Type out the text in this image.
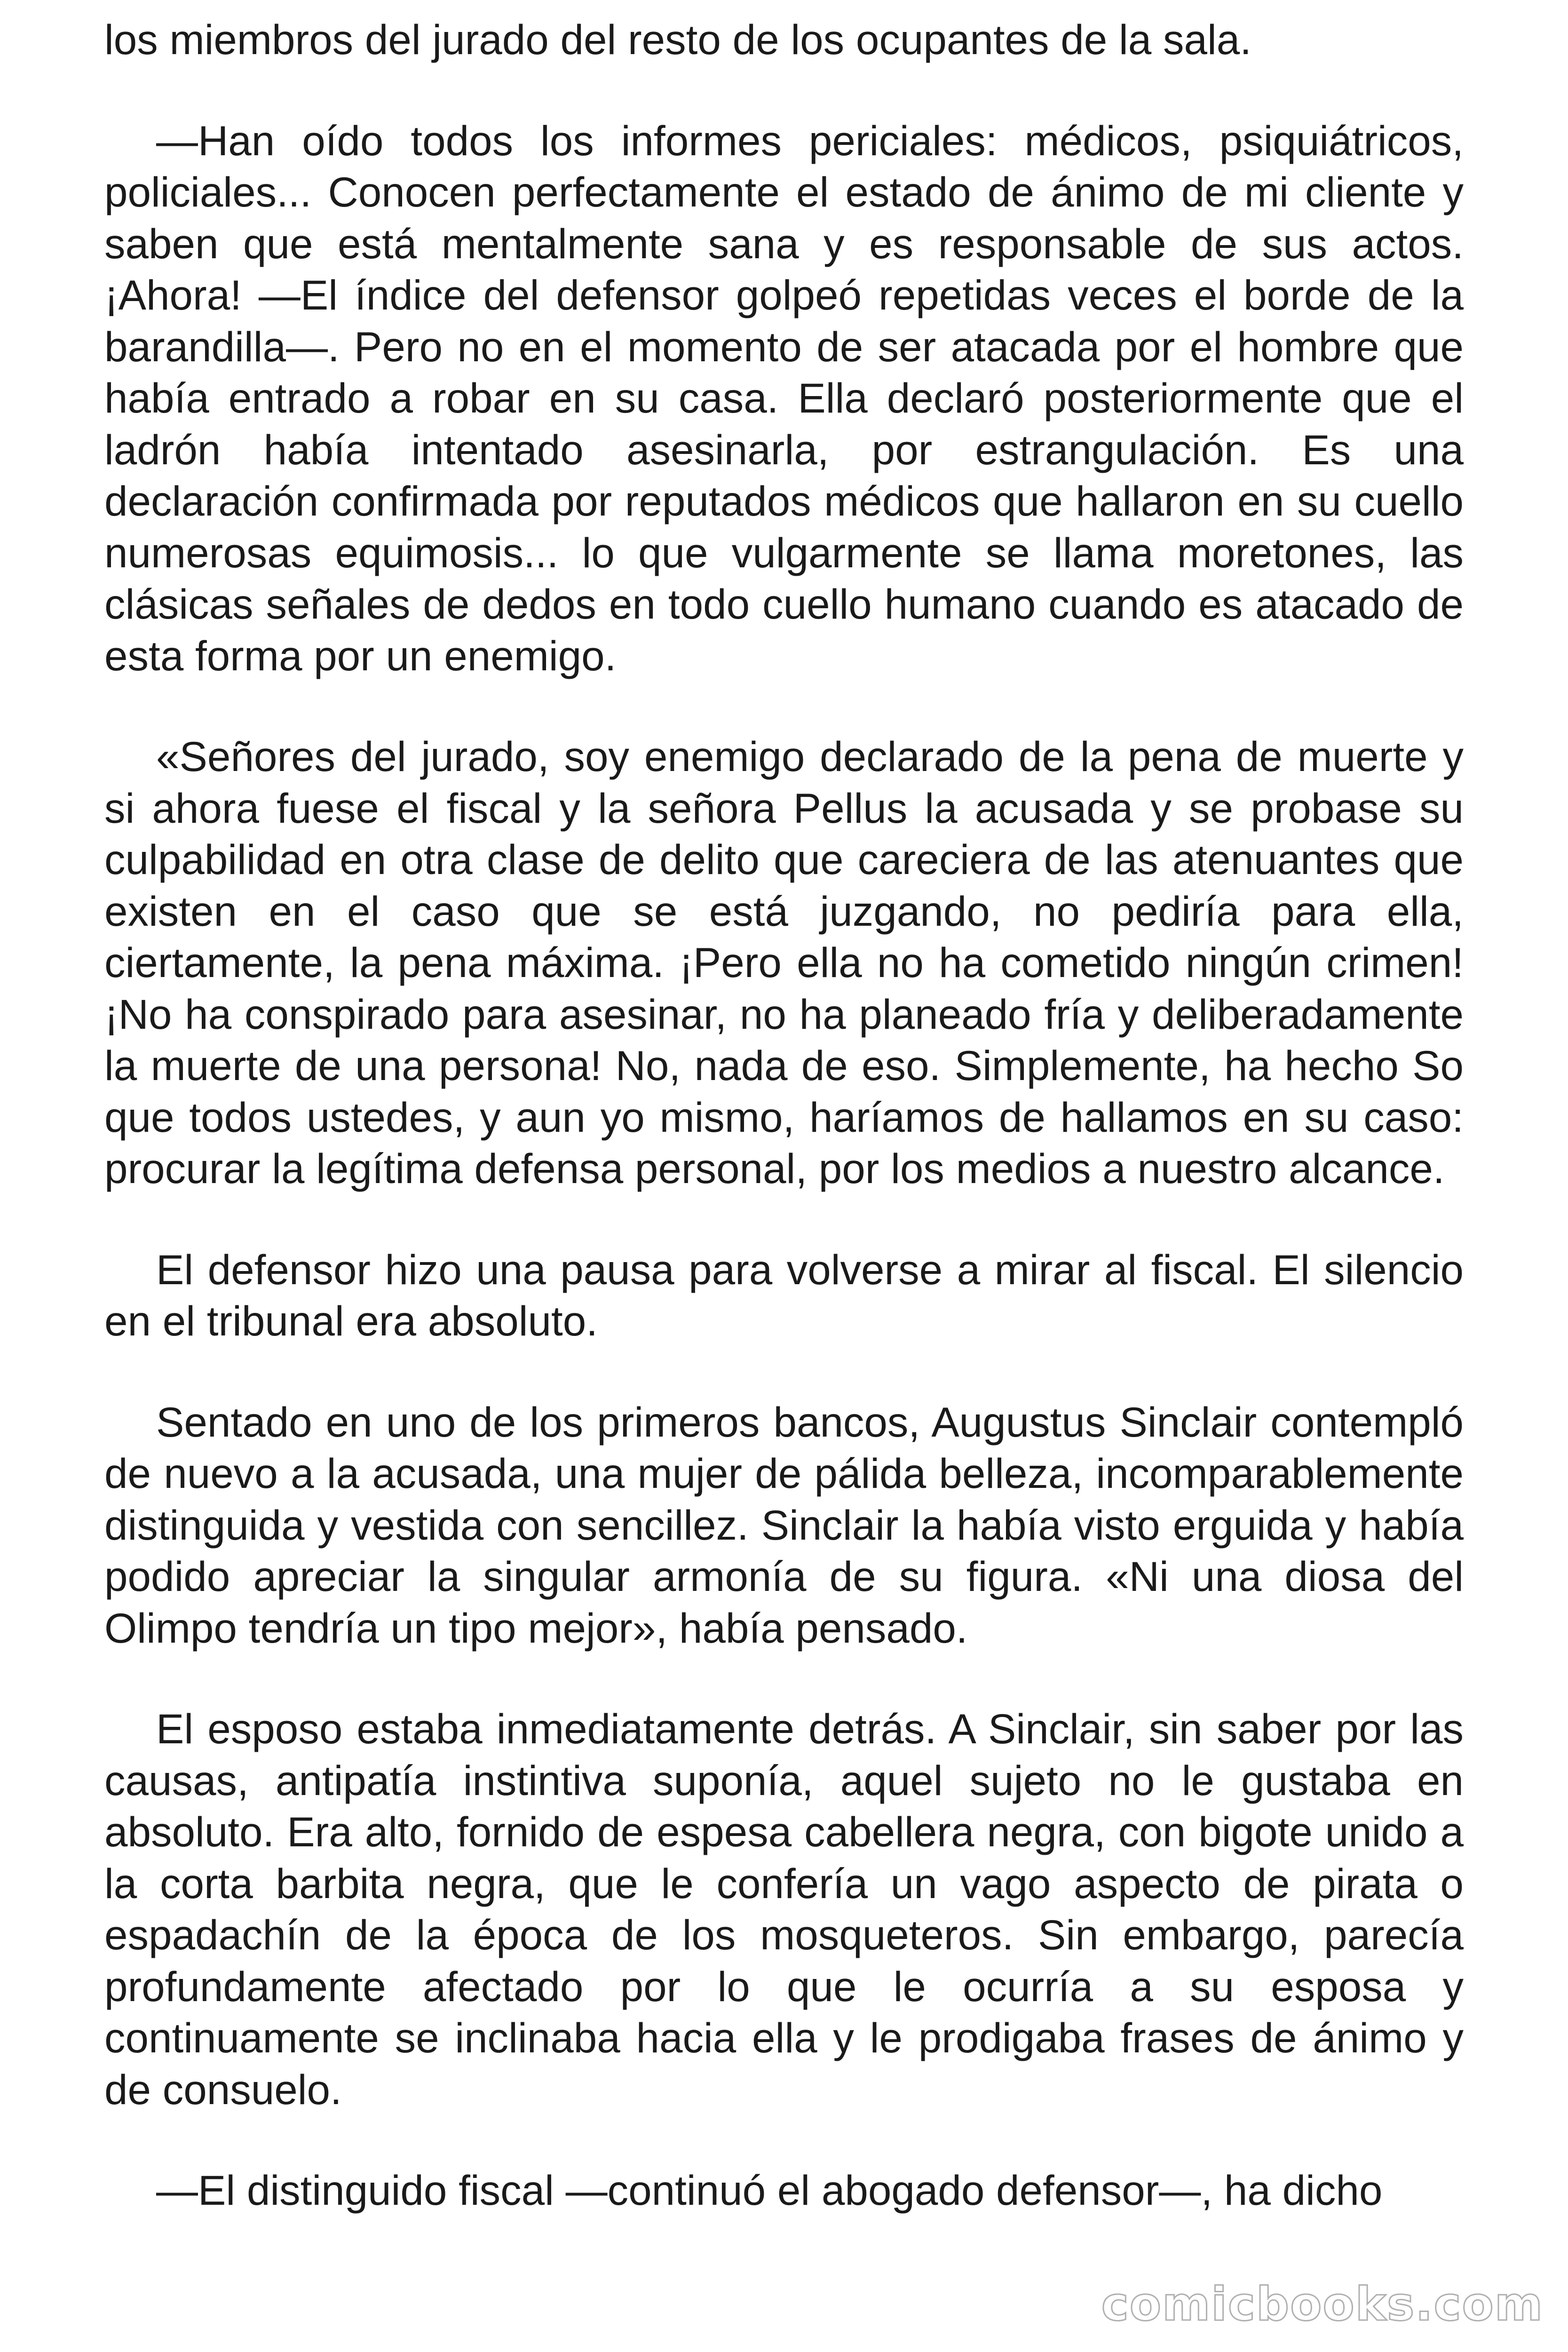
los miembros del jurado del resto de los ocupantes de la sala.

—Han oído todos los informes periciales: médicos, psiquiátricos, policiales... Conocen perfectamente el estado de ánimo de mi cliente y saben que está mentalmente sana y es responsable de sus actos. ¡Ahora! —El índice del defensor golpeó repetidas veces el borde de la barandilla—. Pero no en el momento de ser atacada por el hombre que había entrado a robar en su casa. Ella declaró posteriormente que el ladrón había intentado asesinarla, por estrangulación. Es una declaración confirmada por reputados médicos que hallaron en su cuello numerosas equimosis... lo que vulgarmente se llama moretones, las clásicas señales de dedos en todo cuello humano cuando es atacado de esta forma por un enemigo.

«Señores del jurado, soy enemigo declarado de la pena de muerte y si ahora fuese el fiscal y la señora Pellus la acusada y se probase su culpabilidad en otra clase de delito que careciera de las atenuantes que existen en el caso que se está juzgando, no pediría para ella, ciertamente, la pena máxima. ¡Pero ella no ha cometido ningún crimen! ¡No ha conspirado para asesinar, no ha planeado fría y deliberadamente la muerte de una persona! No, nada de eso. Simplemente, ha hecho So que todos ustedes, y aun yo mismo, haríamos de hallamos en su caso: procurar la legítima defensa personal, por los medios a nuestro alcance.

El defensor hizo una pausa para volverse a mirar al fiscal. El silencio en el tribunal era absoluto.

Sentado en uno de los primeros bancos, Augustus Sinclair contempló de nuevo a la acusada, una mujer de pálida belleza, incomparablemente distinguida y vestida con sencillez. Sinclair la había visto erguida y había podido apreciar la singular armonía de su figura. «Ni una diosa del Olimpo tendría un tipo mejor», había pensado.

El esposo estaba inmediatamente detrás. A Sinclair, sin saber por las causas, antipatía instintiva suponía, aquel sujeto no le gustaba en absoluto. Era alto, fornido de espesa cabellera negra, con bigote unido a la corta barbita negra, que le confería un vago aspecto de pirata o espadachín de la época de los mosqueteros. Sin embargo, parecía profundamente afectado por lo que le ocurría a su esposa y continuamente se inclinaba hacia ella y le prodigaba frases de ánimo y de consuelo.

—El distinguido fiscal —continuó el abogado defensor—, ha dicho

comicbooks.com
